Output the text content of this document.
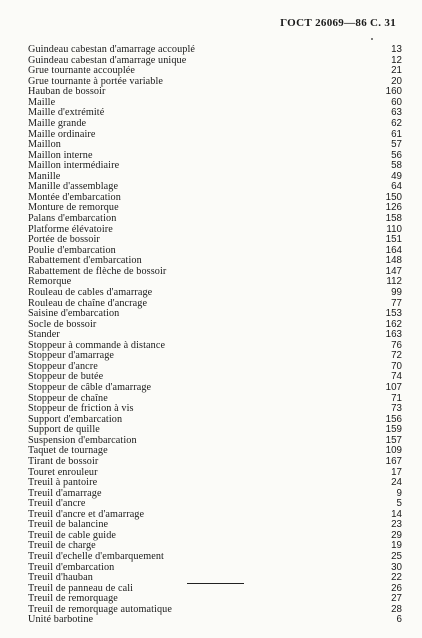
ГОСТ 26069—86 С. 31
Guindeau cabestan d'amarrage accouplé	13
Guindeau cabestan d'amarrage unique	12
Grue tournante accouplée	21
Grue tournante à portée variable	20
Hauban de bossoir	160
Maille	60
Maille d'extrémité	63
Maille grande	62
Maille ordinaire	61
Maillon	57
Maillon interne	56
Maillon intermédiaire	58
Manille	49
Manille d'assemblage	64
Montée d'embarcation	150
Monture de remorque	126
Palans d'embarcation	158
Platforme élévatoire	110
Portée de bossoir	151
Poulie d'embarcation	164
Rabattement d'embarcation	148
Rabattement de flèche de bossoir	147
Remorque	112
Rouleau de cables d'amarrage	99
Rouleau de chaîne d'ancrage	77
Saisine d'embarcation	153
Socle de bossoir	162
Stander	163
Stoppeur à commande à distance	76
Stoppeur d'amarrage	72
Stoppeur d'ancre	70
Stoppeur de butée	74
Stoppeur de câble d'amarrage	107
Stoppeur de chaîne	71
Stoppeur de friction à vis	73
Support d'embarcation	156
Support de quille	159
Suspension d'embarcation	157
Taquet de tournage	109
Tirant de bossoir	167
Touret enrouleur	17
Treuil à pantoire	24
Treuil d'amarrage	9
Treuil d'ancre	5
Treuil d'ancre et d'amarrage	14
Treuil de balancine	23
Treuil de cable guide	29
Treuil de charge	19
Treuil d'echelle d'embarquement	25
Treuil d'embarcation	30
Treuil d'hauban	22
Treuil de panneau de cali	26
Treuil de remorquage	27
Treuil de remorquage automatique	28
Unité barbotine	6
